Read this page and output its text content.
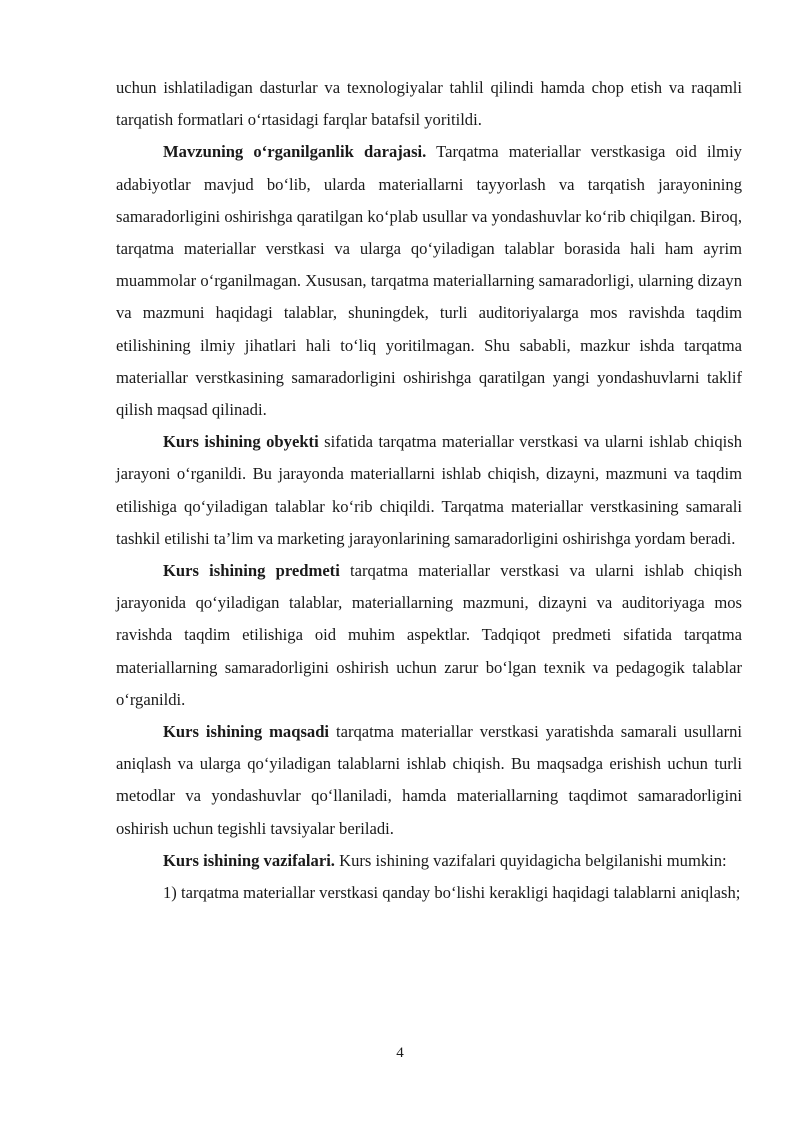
uchun ishlatiladigan dasturlar va texnologiyalar tahlil qilindi hamda chop etish va raqamli tarqatish formatlari o‘rtasidagi farqlar batafsil yoritildi.

Mavzuning o‘rganilganlik darajasi. Tarqatma materiallar verstkasiga oid ilmiy adabiyotlar mavjud bo‘lib, ularda materiallarni tayyorlash va tarqatish jarayonining samaradorligini oshirishga qaratilgan ko‘plab usullar va yondashuvlar ko‘rib chiqilgan. Biroq, tarqatma materiallar verstkasi va ularga qo‘yiladigan talablar borasida hali ham ayrim muammolar o‘rganilmagan. Xususan, tarqatma materiallarning samaradorligi, ularning dizayn va mazmuni haqidagi talablar, shuningdek, turli auditoriyalarga mos ravishda taqdim etilishining ilmiy jihatlari hali to‘liq yoritilmagan. Shu sababli, mazkur ishda tarqatma materiallar verstkasining samaradorligini oshirishga qaratilgan yangi yondashuvlarni taklif qilish maqsad qilinadi.

Kurs ishining obyekti sifatida tarqatma materiallar verstkasi va ularni ishlab chiqish jarayoni o‘rganildi. Bu jarayonda materiallarni ishlab chiqish, dizayni, mazmuni va taqdim etilishiga qo‘yiladigan talablar ko‘rib chiqildi. Tarqatma materiallar verstkasining samarali tashkil etilishi ta’lim va marketing jarayonlarining samaradorligini oshirishga yordam beradi.

Kurs ishining predmeti tarqatma materiallar verstkasi va ularni ishlab chiqish jarayonida qo‘yiladigan talablar, materiallarning mazmuni, dizayni va auditoriyaga mos ravishda taqdim etilishiga oid muhim aspektlar. Tadqiqot predmeti sifatida tarqatma materiallarning samaradorligini oshirish uchun zarur bo‘lgan texnik va pedagogik talablar o‘rganildi.

Kurs ishining maqsadi tarqatma materiallar verstkasi yaratishda samarali usullarni aniqlash va ularga qo‘yiladigan talablarni ishlab chiqish. Bu maqsadga erishish uchun turli metodlar va yondashuvlar qo‘llaniladi, hamda materiallarning taqdimot samaradorligini oshirish uchun tegishli tavsiyalar beriladi.

Kurs ishining vazifalari. Kurs ishining vazifalari quyidagicha belgilanishi mumkin:

1) tarqatma materiallar verstkasi qanday bo‘lishi kerakligi haqidagi talablarni aniqlash;

4
